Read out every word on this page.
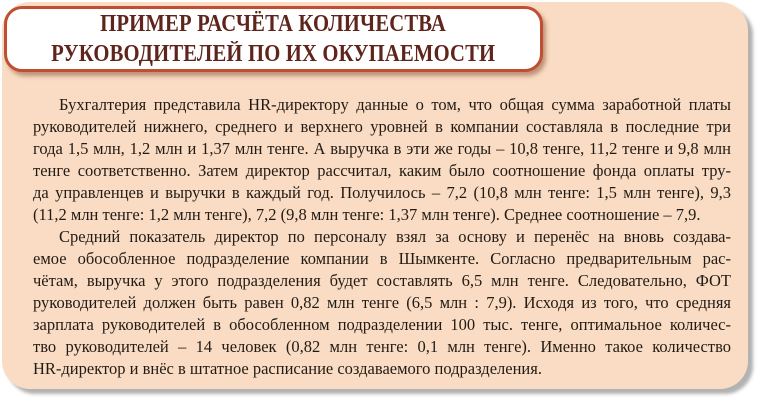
ПРИМЕР РАСЧЁТА КОЛИЧЕСТВА
РУКОВОДИТЕЛЕЙ ПО ИХ ОКУПАЕМОСТИ
Бухгалтерия представила HR-директору данные о том, что общая сумма заработной платы
руководителей нижнего, среднего и верхнего уровней в компании составляла в последние три
года 1,5 млн, 1,2 млн и 1,37 млн тенге. А выручка в эти же годы – 10,8 тенге, 11,2 тенге и 9,8 млн
тенге соответственно. Затем директор рассчитал, каким было соотношение фонда оплаты тру-
да управленцев и выручки в каждый год. Получилось – 7,2 (10,8 млн тенге: 1,5 млн тенге), 9,3
(11,2 млн тенге: 1,2 млн тенге), 7,2 (9,8 млн тенге: 1,37 млн тенге). Среднее соотношение – 7,9.
Средний показатель директор по персоналу взял за основу и перенёс на вновь создава-
емое обособленное подразделение компании в Шымкенте. Согласно предварительным рас-
чётам, выручка у этого подразделения будет составлять 6,5 млн тенге. Следовательно, ФОТ
руководителей должен быть равен 0,82 млн тенге (6,5 млн : 7,9). Исходя из того, что средняя
зарплата руководителей в обособленном подразделении 100 тыс. тенге, оптимальное количес-
тво руководителей – 14 человек (0,82 млн тенге: 0,1 млн тенге). Именно такое количество
HR-директор и внёс в штатное расписание создаваемого подразделения.
